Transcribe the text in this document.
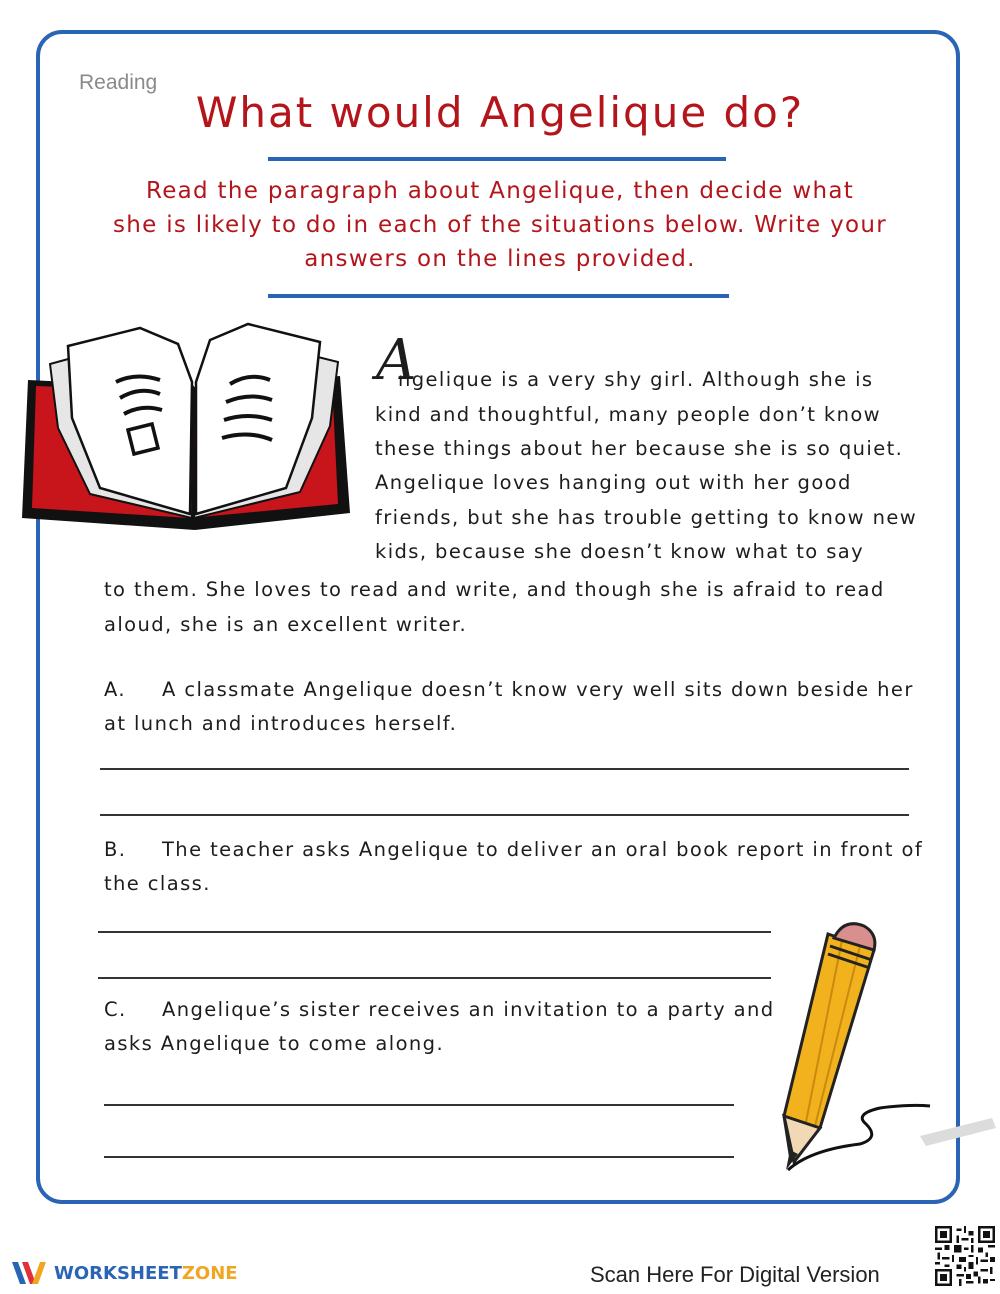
Reading
What would Angelique do?
Read the paragraph about Angelique, then decide what
she is likely to do in each of the situations below. Write your
answers on the lines provided.
A
ngelique is a very shy girl. Although she is
kind and thoughtful, many people don’t know
these things about her because she is so quiet.
Angelique loves hanging out with her good
friends, but she has trouble getting to know new
kids, because she doesn’t know what to say
to them. She loves to read and write, and though she is afraid to read
aloud, she is an excellent writer.
A. A classmate Angelique doesn’t know very well sits down beside her
at lunch and introduces herself.
B. The teacher asks Angelique to deliver an oral book report in front of
the class.
C. Angelique’s sister receives an invitation to a party and
asks Angelique to come along.
WORKSHEETZONE	Scan Here For Digital Version
